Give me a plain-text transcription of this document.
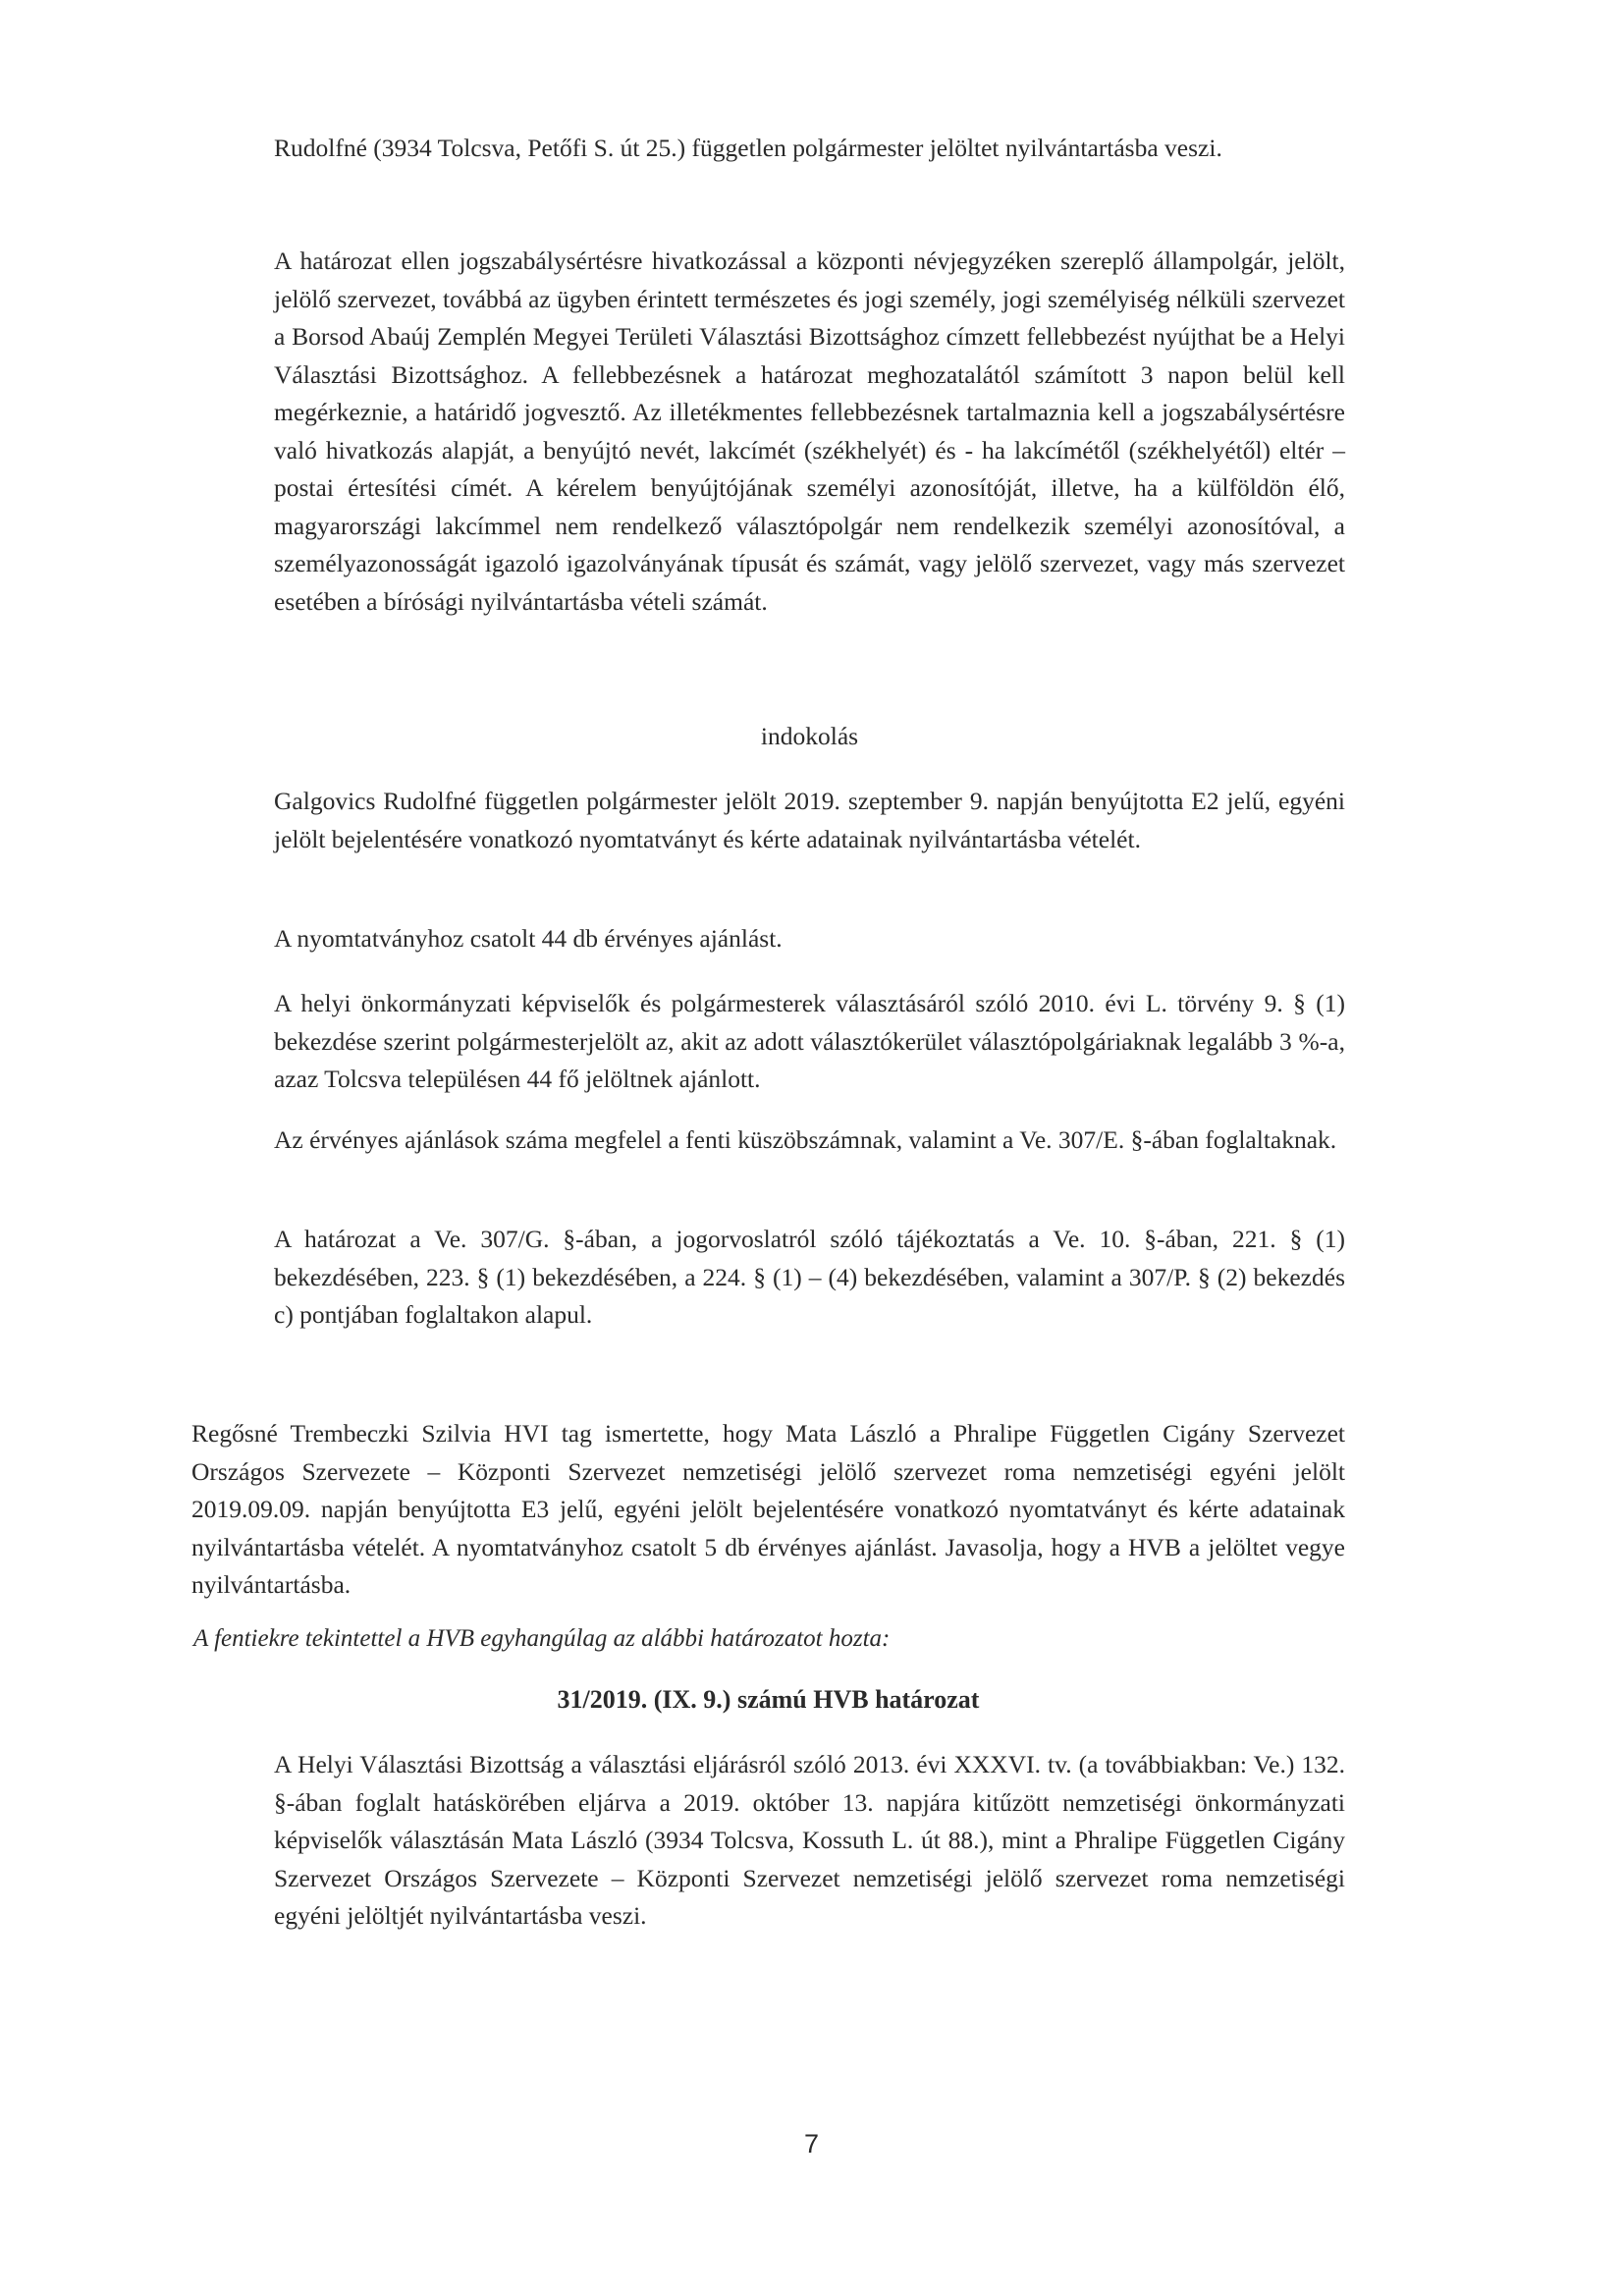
Rudolfné (3934 Tolcsva, Petőfi S. út 25.) független polgármester jelöltet nyilvántartásba veszi.

A határozat ellen jogszabálysértésre hivatkozással a központi névjegyzéken szereplő állampolgár, jelölt, jelölő szervezet, továbbá az ügyben érintett természetes és jogi személy, jogi személyiség nélküli szervezet a Borsod Abaúj Zemplén Megyei Területi Választási Bizottsághoz címzett fellebbezést nyújthat be a Helyi Választási Bizottsághoz. A fellebbezésnek a határozat meghozatalától számított 3 napon belül kell megérkeznie, a határidő jogvesztő. Az illetékmentes fellebbezésnek tartalmaznia kell a jogszabálysértésre való hivatkozás alapját, a benyújtó nevét, lakcímét (székhelyét) és - ha lakcímétől (székhelyétől) eltér – postai értesítési címét. A kérelem benyújtójának személyi azonosítóját, illetve, ha a külföldön élő, magyarországi lakcímmel nem rendelkező választópolgár nem rendelkezik személyi azonosítóval, a személyazonosságát igazoló igazolványának típusát és számát, vagy jelölő szervezet, vagy más szervezet esetében a bírósági nyilvántartásba vételi számát.

indokolás

Galgovics Rudolfné független polgármester jelölt 2019. szeptember 9. napján benyújtotta E2 jelű, egyéni jelölt bejelentésére vonatkozó nyomtatványt és kérte adatainak nyilvántartásba vételét.

A nyomtatványhoz csatolt 44 db érvényes ajánlást.

A helyi önkormányzati képviselők és polgármesterek választásáról szóló 2010. évi L. törvény 9. § (1) bekezdése szerint polgármesterjelölt az, akit az adott választókerület választópolgáriaknak legalább 3 %-a, azaz Tolcsva településen 44 fő jelöltnek ajánlott.

Az érvényes ajánlások száma megfelel a fenti küszöbszámnak, valamint a Ve. 307/E. §-ában foglaltaknak.

A határozat a Ve. 307/G. §-ában, a jogorvoslatról szóló tájékoztatás a Ve. 10. §-ában, 221. § (1) bekezdésében, 223. § (1) bekezdésében, a 224. § (1) – (4) bekezdésében, valamint a 307/P. § (2) bekezdés c) pontjában foglaltakon alapul.

Regősné Trembeczki Szilvia HVI tag ismertette, hogy Mata László a Phralipe Független Cigány Szervezet Országos Szervezete – Központi Szervezet nemzetiségi jelölő szervezet roma nemzetiségi egyéni jelölt 2019.09.09. napján benyújtotta E3 jelű, egyéni jelölt bejelentésére vonatkozó nyomtatványt és kérte adatainak nyilvántartásba vételét. A nyomtatványhoz csatolt 5 db érvényes ajánlást. Javasolja, hogy a HVB a jelöltet vegye nyilvántartásba.

A fentiekre tekintettel a HVB egyhangúlag az alábbi határozatot hozta:

31/2019. (IX. 9.) számú HVB határozat

A Helyi Választási Bizottság a választási eljárásról szóló 2013. évi XXXVI. tv. (a továbbiakban: Ve.) 132. §-ában foglalt hatáskörében eljárva a 2019. október 13. napjára kitűzött nemzetiségi önkormányzati képviselők választásán Mata László (3934 Tolcsva, Kossuth L. út 88.), mint a Phralipe Független Cigány Szervezet Országos Szervezete – Központi Szervezet nemzetiségi jelölő szervezet roma nemzetiségi egyéni jelöltjét nyilvántartásba veszi.

7
